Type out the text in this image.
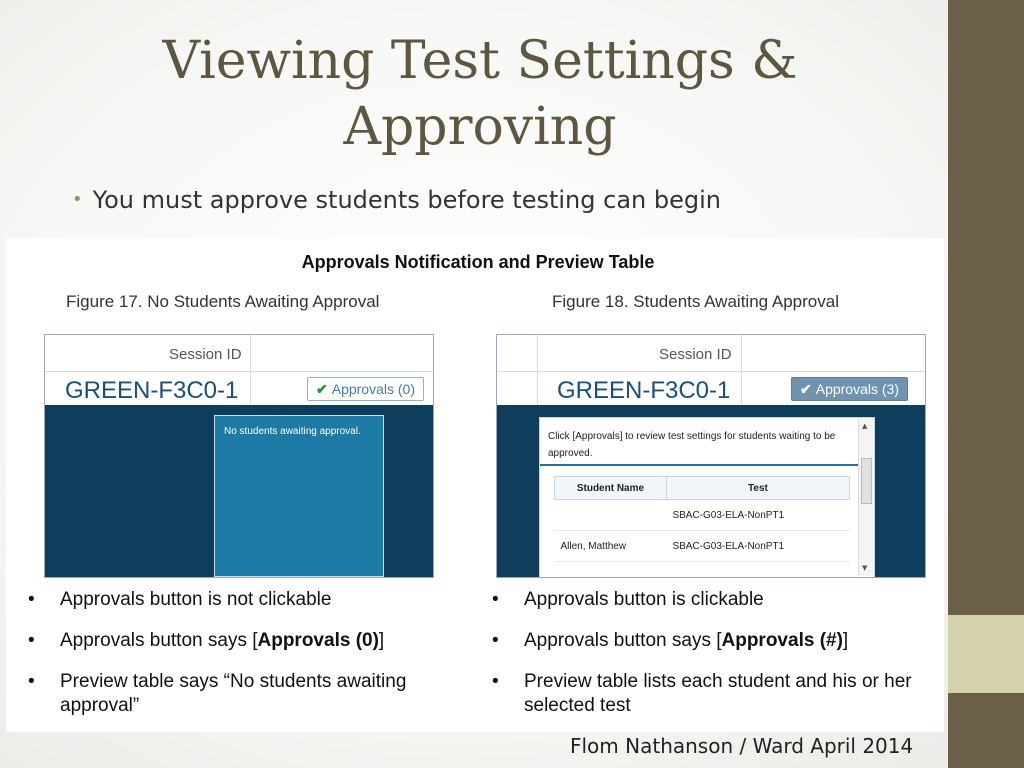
Viewing Test Settings & Approving
• You must approve students before testing can begin
Approvals Notification and Preview Table
Figure 17. No Students Awaiting Approval	Figure 18. Students Awaiting Approval
Session ID
GREEN-F3C0-1	✔ Approvals (0)
No students awaiting approval.
Session ID
GREEN-F3C0-1	✔ Approvals (3)
Click [Approvals] to review test settings for students waiting to be approved.
Student Name	Test
	SBAC-G03-ELA-NonPT1
Allen, Matthew	SBAC-G03-ELA-NonPT1
▲
▼
• Approvals button is not clickable
• Approvals button says [Approvals (0)]
• Preview table says “No students awaiting approval”
• Approvals button is clickable
• Approvals button says [Approvals (#)]
• Preview table lists each student and his or her selected test
Flom Nathanson / Ward April 2014
